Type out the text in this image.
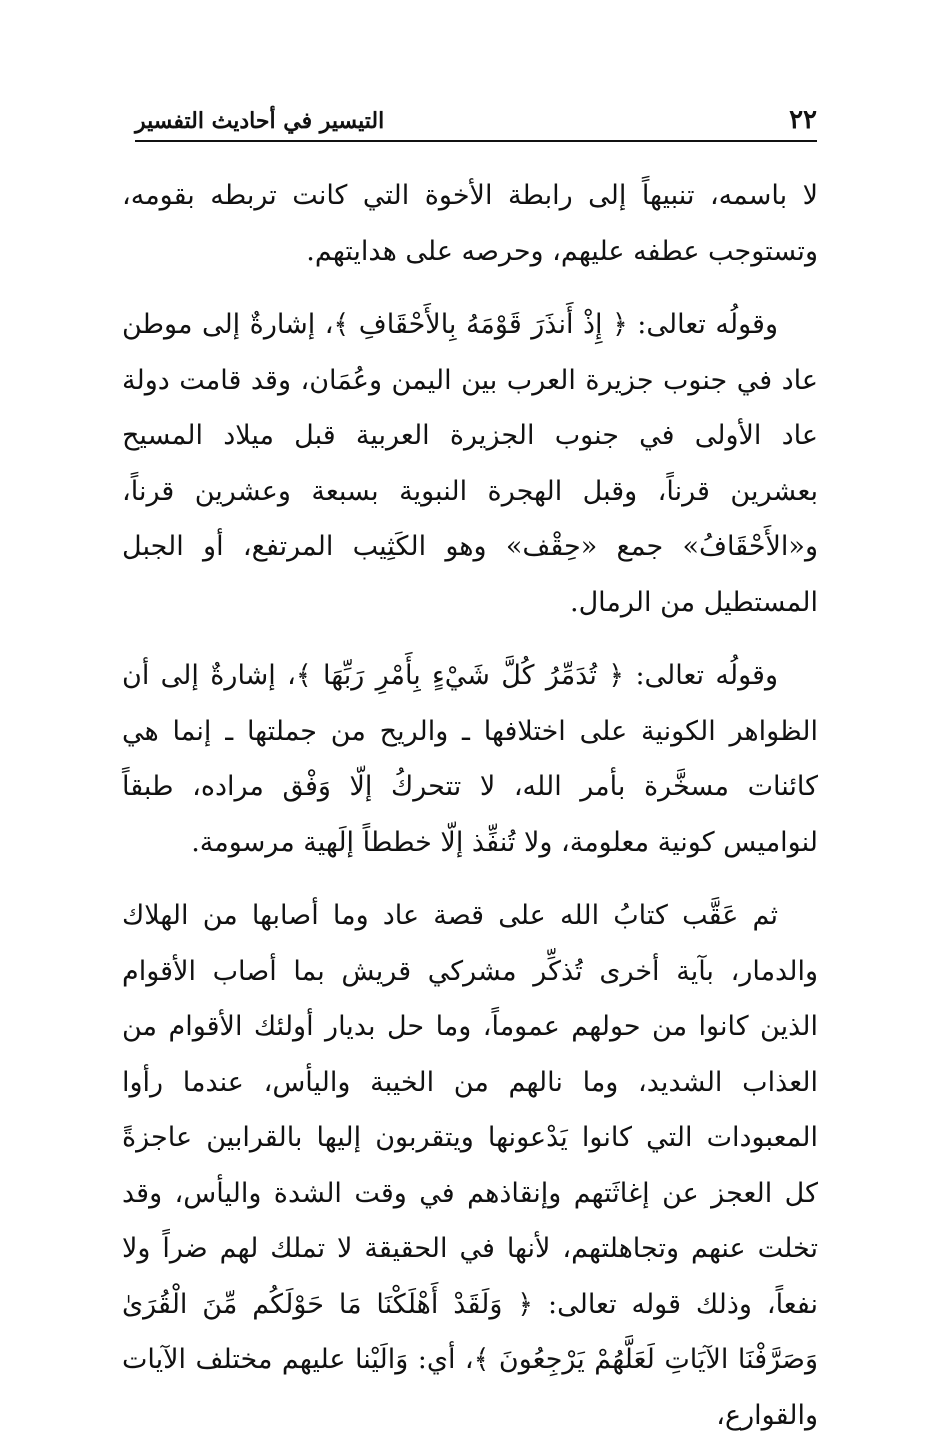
٢٢
التيسير في أحاديث التفسير

لا باسمه، تنبيهاً إلى رابطة الأخوة التي كانت تربطه بقومه، وتستوجب عطفه عليهم، وحرصه على هدايتهم.

وقولُه تعالى: ﴿ إِذْ أَنذَرَ قَوْمَهُ بِالأَحْقَافِ ﴾، إشارةٌ إلى موطن عاد في جنوب جزيرة العرب بين اليمن وعُمَان، وقد قامت دولة عاد الأولى في جنوب الجزيرة العربية قبل ميلاد المسيح بعشرين قرناً، وقبل الهجرة النبوية بسبعة وعشرين قرناً، و«الأَحْقَافُ» جمع «حِقْف» وهو الكَثِيب المرتفع، أو الجبل المستطيل من الرمال.

وقولُه تعالى: ﴿ تُدَمِّرُ كُلَّ شَيْءٍ بِأَمْرِ رَبِّهَا ﴾، إشارةٌ إلى أن الظواهر الكونية على اختلافها ـ والريح من جملتها ـ إنما هي كائنات مسخَّرة بأمر الله، لا تتحركُ إلّا وَفْق مراده، طبقاً لنواميس كونية معلومة، ولا تُنفِّذ إلّا خططاً إلَهية مرسومة.

ثم عَقَّب كتابُ الله على قصة عاد وما أصابها من الهلاك والدمار، بآية أخرى تُذكِّر مشركي قريش بما أصاب الأقوام الذين كانوا من حولهم عموماً، وما حل بديار أولئك الأقوام من العذاب الشديد، وما نالهم من الخيبة واليأس، عندما رأوا المعبودات التي كانوا يَدْعونها ويتقربون إليها بالقرابين عاجزةً كل العجز عن إغاثَتهم وإنقاذهم في وقت الشدة واليأس، وقد تخلت عنهم وتجاهلتهم، لأنها في الحقيقة لا تملك لهم ضراً ولا نفعاً، وذلك قوله تعالى: ﴿ وَلَقَدْ أَهْلَكْنَا مَا حَوْلَكُم مِّنَ الْقُرَىٰ وَصَرَّفْنَا الآيَاتِ لَعَلَّهُمْ يَرْجِعُونَ ﴾، أي: وَالَيْنا عليهم مختلف الآيات والقوارع،
